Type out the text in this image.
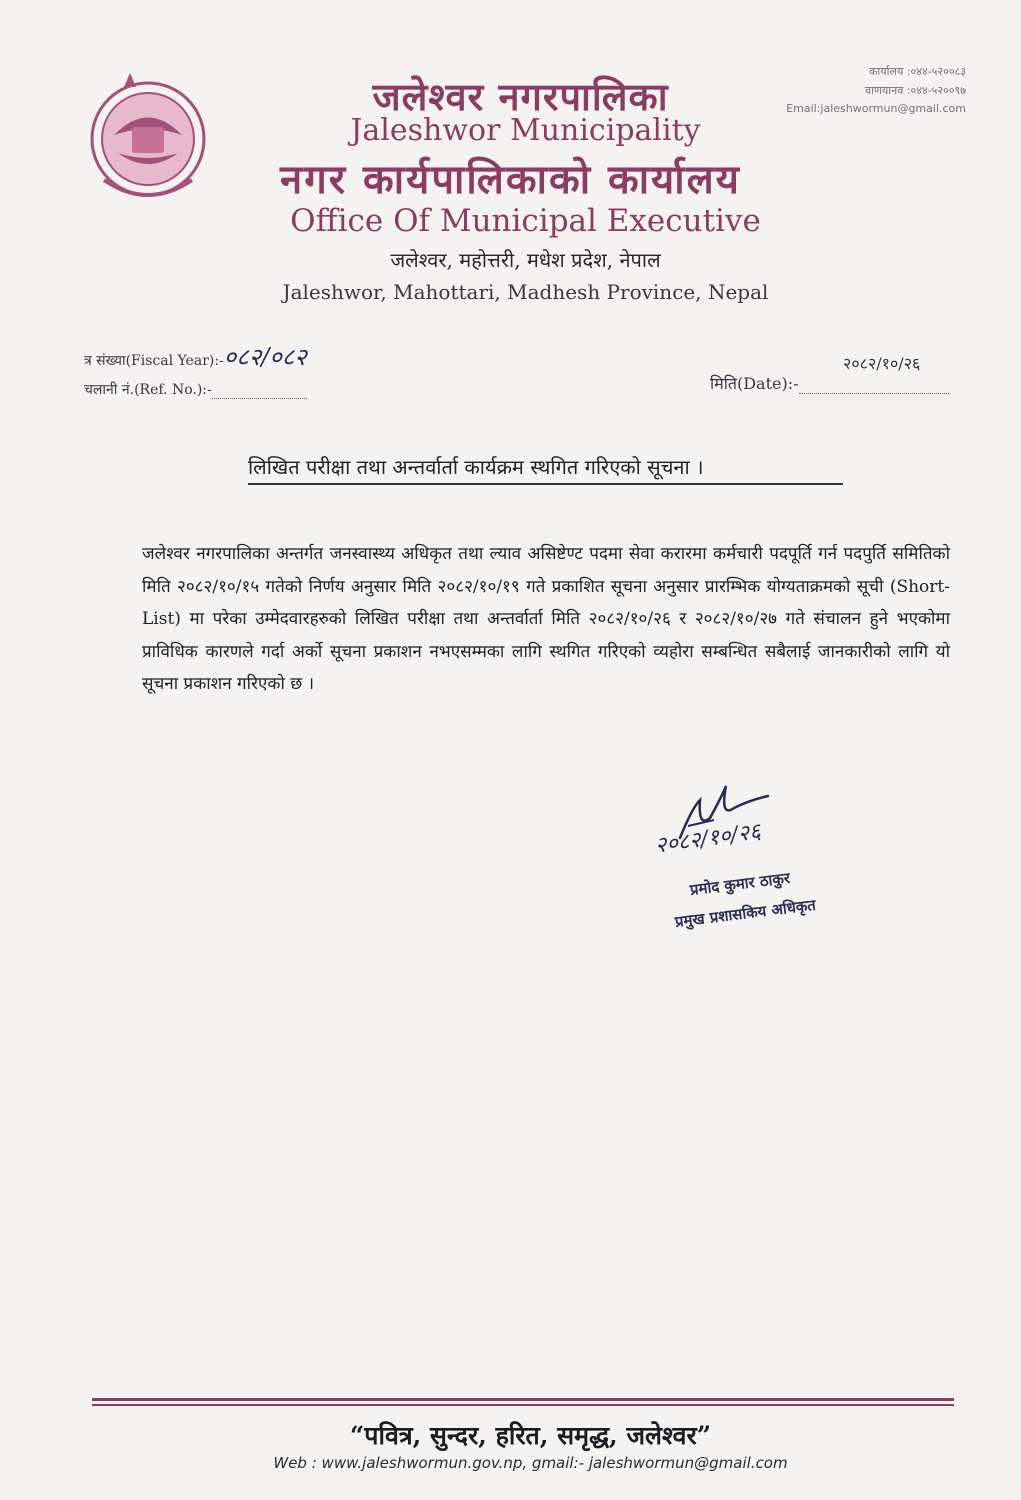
कार्यालय :०४४-५२००८३
वाणयानव :०४४-५२००९७
Email:jaleshwormun@gmail.com
जलेश्वर नगरपालिका
Jaleshwor Municipality
नगर कार्यपालिकाको कार्यालय
Office Of Municipal Executive
जलेश्वर, महोत्तरी, मधेश प्रदेश, नेपाल
Jaleshwor, Mahottari, Madhesh Province, Nepal
त्र संख्या(Fiscal Year):-०८२/०८२
चलानी नं.(Ref. No.):-
२०८२/१०/२६
मिति(Date):-
लिखित परीक्षा तथा अन्तर्वार्ता कार्यक्रम स्थगित गरिएको सूचना ।
जलेश्वर नगरपालिका अन्तर्गत जनस्वास्थ्य अधिकृत तथा ल्याव असिष्टेण्ट पदमा सेवा करारमा कर्मचारी पदपूर्ति गर्न पदपुर्ति समितिको मिति २०८२/१०/१५ गतेको निर्णय अनुसार मिति २०८२/१०/१९ गते प्रकाशित सूचना अनुसार प्रारम्भिक योग्यताक्रमको सूची (Short-List) मा परेका उम्मेदवारहरुको लिखित परीक्षा तथा अन्तर्वार्ता मिति २०८२/१०/२६ र २०८२/१०/२७ गते संचालन हुने भएकोमा प्राविधिक कारणले गर्दा अर्को सूचना प्रकाशन नभएसम्मका लागि स्थगित गरिएको व्यहोरा सम्बन्धित सबैलाई जानकारीको लागि यो सूचना प्रकाशन गरिएको छ ।
२०८२/१०/२६
प्रमोद कुमार ठाकुर
प्रमुख प्रशासकिय अधिकृत
“पवित्र, सुन्दर, हरित, समृद्ध, जलेश्वर”
Web : www.jaleshwormun.gov.np, gmail:- jaleshwormun@gmail.com
